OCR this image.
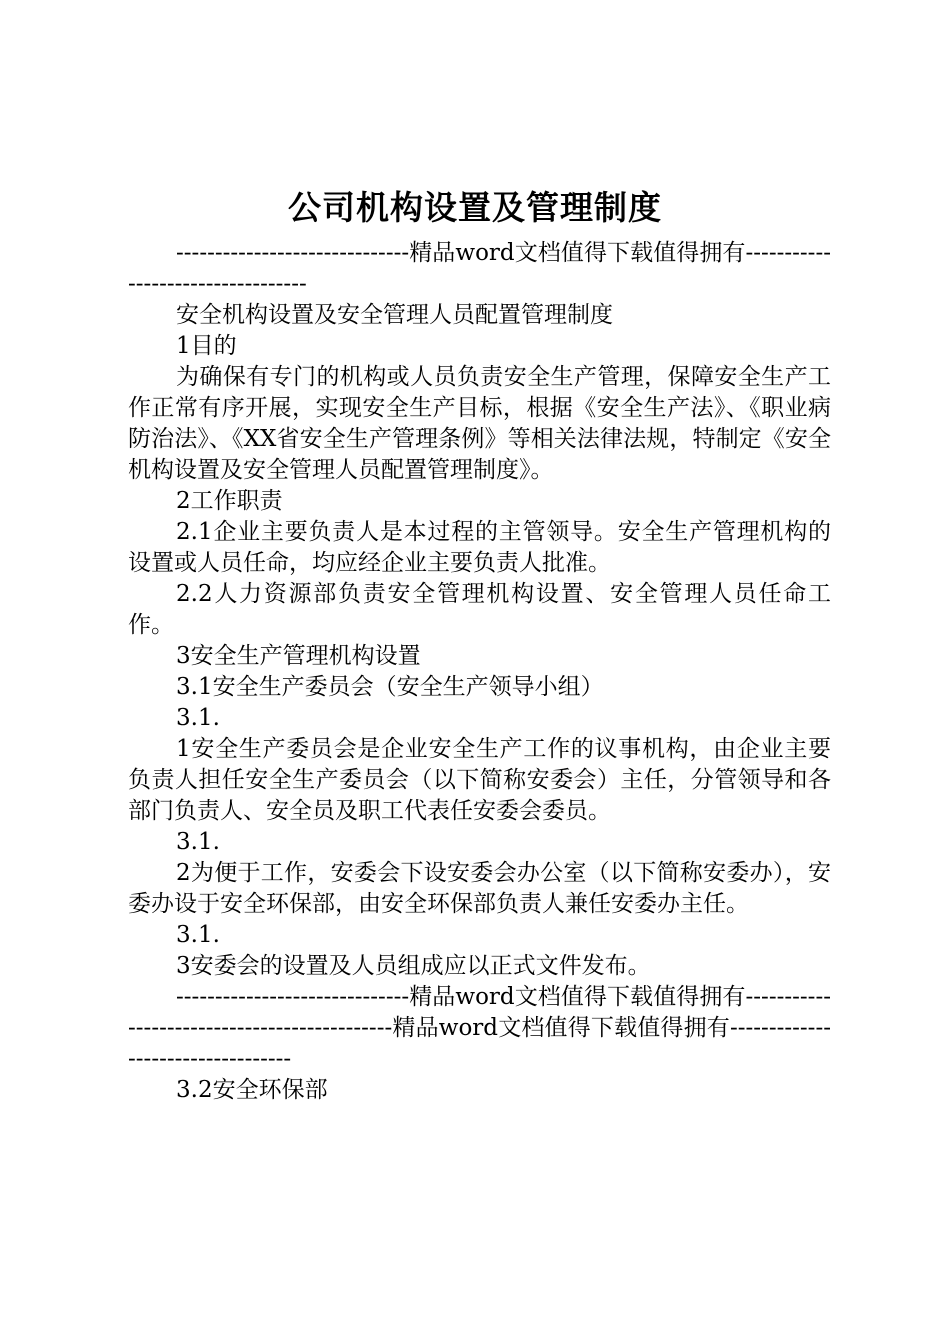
公司机构设置及管理制度

------------------------------精品word文档值得下载值得拥有----------------------------------

安全机构设置及安全管理人员配置管理制度

1目的

为确保有专门的机构或人员负责安全生产管理，保障安全生产工作正常有序开展，实现安全生产目标，根据《安全生产法》、《职业病防治法》、《XX省安全生产管理条例》等相关法律法规，特制定《安全机构设置及安全管理人员配置管理制度》。

2工作职责

2.1企业主要负责人是本过程的主管领导。安全生产管理机构的设置或人员任命，均应经企业主要负责人批准。

2.2人力资源部负责安全管理机构设置、安全管理人员任命工作。

3安全生产管理机构设置

3.1安全生产委员会（安全生产领导小组）

3.1.

1安全生产委员会是企业安全生产工作的议事机构，由企业主要负责人担任安全生产委员会（以下简称安委会）主任，分管领导和各部门负责人、安全员及职工代表任安委会委员。

3.1.

2为便于工作，安委会下设安委会办公室（以下简称安委办），安委办设于安全环保部，由安全环保部负责人兼任安委办主任。

3.1.

3安委会的设置及人员组成应以正式文件发布。

------------------------------精品word文档值得下载值得拥有---------------------------------------------精品word文档值得下载值得拥有----------------------------------

3.2安全环保部
